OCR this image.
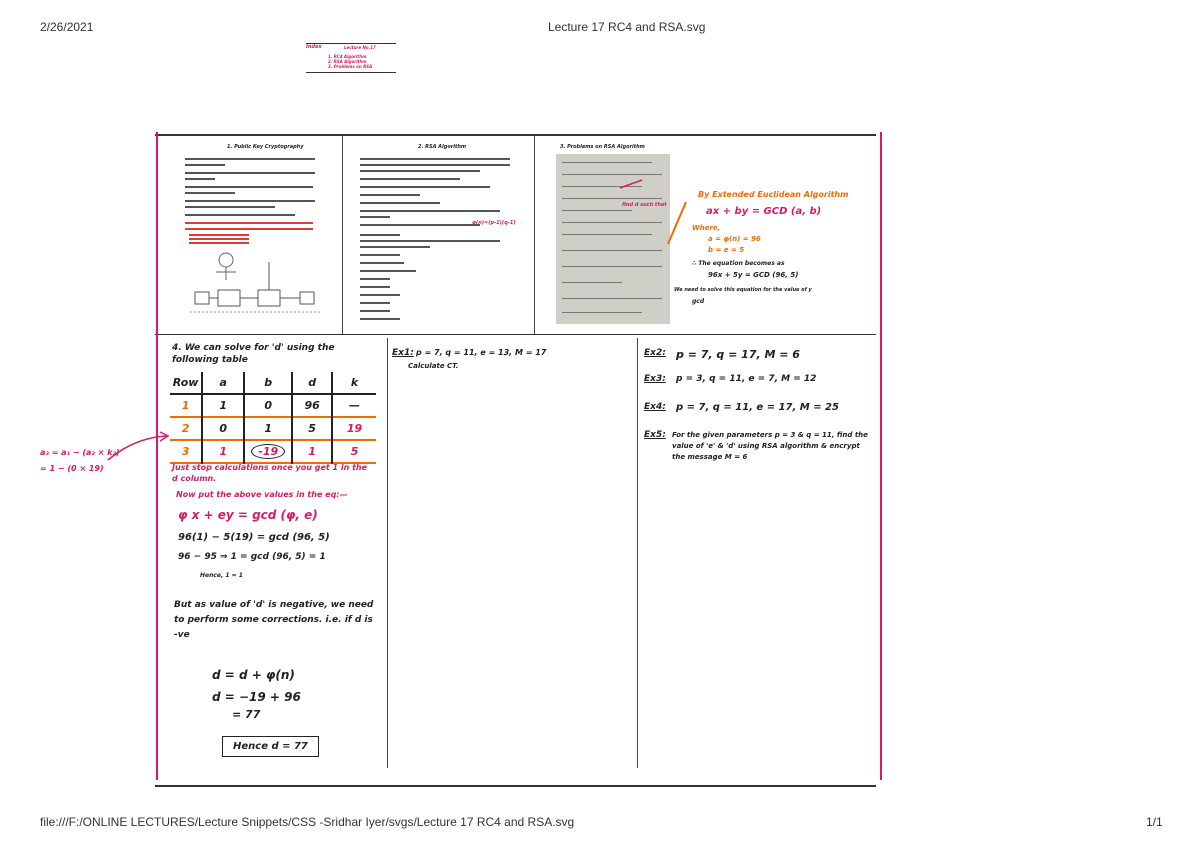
2/26/2021	Lecture 17 RC4 and RSA.svg
Index	Lecture No.17
1. RC4 Algorithm
2. RSA Algorithm
3. Problems on RSA
1. Public Key Cryptography	2. RSA Algorithm
φ(n)=(p-1)(q-1)
3. Problems on RSA Algorithm
find d such that
By Extended Euclidean Algorithm
ax + by = GCD (a, b)
Where,
a = φ(n) = 96
b = e = 5
∴ The equation becomes as
96x + 5y = GCD (96, 5)
We need to solve this equation for the value of y
gcd
4. We can solve for 'd' using the following table
Row	a	b	d	k
1	1	0	96	—
2	0	1	5	19
3	1	-19	1	5
Just stop calculations once you get 1 in the d column.
Now put the above values in the eq:—
φ x + ey = gcd (φ, e)
96(1) − 5(19) = gcd (96, 5)
96 − 95 ⇒ 1 = gcd (96, 5) = 1
Hence, 1 = 1
But as value of 'd' is negative, we need to perform some corrections. i.e. if d is -ve
d = d + φ(n)
d = −19 + 96
= 77
Hence d = 77
a₃ = a₁ − (a₂ × k₂)
= 1 − (0 × 19)
Ex1: p = 7, q = 11, e = 13, M = 17
Calculate CT.
Ex2: p = 7, q = 17, M = 6
Ex3: p = 3, q = 11, e = 7, M = 12
Ex4: p = 7, q = 11, e = 17, M = 25
Ex5: For the given parameters p = 3 & q = 11, find the value of 'e' & 'd' using RSA algorithm & encrypt the message M = 6
file:///F:/ONLINE LECTURES/Lecture Snippets/CSS -Sridhar Iyer/svgs/Lecture 17 RC4 and RSA.svg	1/1
